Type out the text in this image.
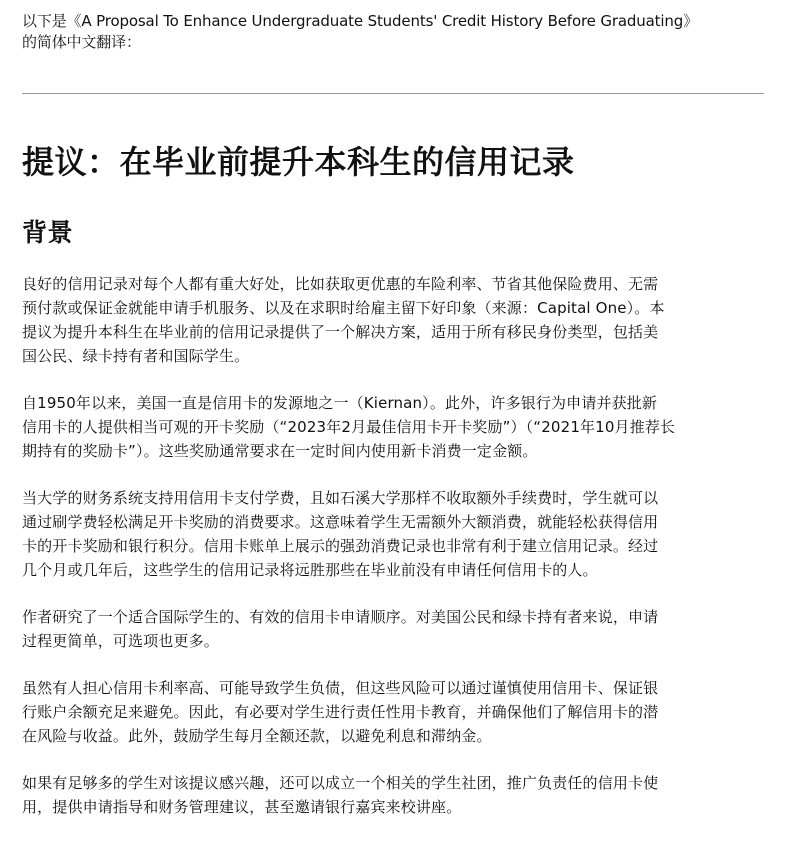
以下是《A Proposal To Enhance Undergraduate Students' Credit History Before Graduating》
的简体中文翻译：
提议：在毕业前提升本科生的信用记录
背景

良好的信用记录对每个人都有重大好处，比如获取更优惠的车险利率、节省其他保险费用、无需
预付款或保证金就能申请手机服务、以及在求职时给雇主留下好印象（来源：Capital One）。本
提议为提升本科生在毕业前的信用记录提供了一个解决方案，适用于所有移民身份类型，包括美
国公民、绿卡持有者和国际学生。

自1950年以来，美国一直是信用卡的发源地之一（Kiernan）。此外，许多银行为申请并获批新
信用卡的人提供相当可观的开卡奖励（“2023年2月最佳信用卡开卡奖励”）（“2021年10月推荐长
期持有的奖励卡”）。这些奖励通常要求在一定时间内使用新卡消费一定金额。

当大学的财务系统支持用信用卡支付学费，且如石溪大学那样不收取额外手续费时，学生就可以
通过刷学费轻松满足开卡奖励的消费要求。这意味着学生无需额外大额消费，就能轻松获得信用
卡的开卡奖励和银行积分。信用卡账单上展示的强劲消费记录也非常有利于建立信用记录。经过
几个月或几年后，这些学生的信用记录将远胜那些在毕业前没有申请任何信用卡的人。

作者研究了一个适合国际学生的、有效的信用卡申请顺序。对美国公民和绿卡持有者来说，申请
过程更简单，可选项也更多。

虽然有人担心信用卡利率高、可能导致学生负债，但这些风险可以通过谨慎使用信用卡、保证银
行账户余额充足来避免。因此，有必要对学生进行责任性用卡教育，并确保他们了解信用卡的潜
在风险与收益。此外，鼓励学生每月全额还款，以避免利息和滞纳金。

如果有足够多的学生对该提议感兴趣，还可以成立一个相关的学生社团，推广负责任的信用卡使
用，提供申请指导和财务管理建议，甚至邀请银行嘉宾来校讲座。
